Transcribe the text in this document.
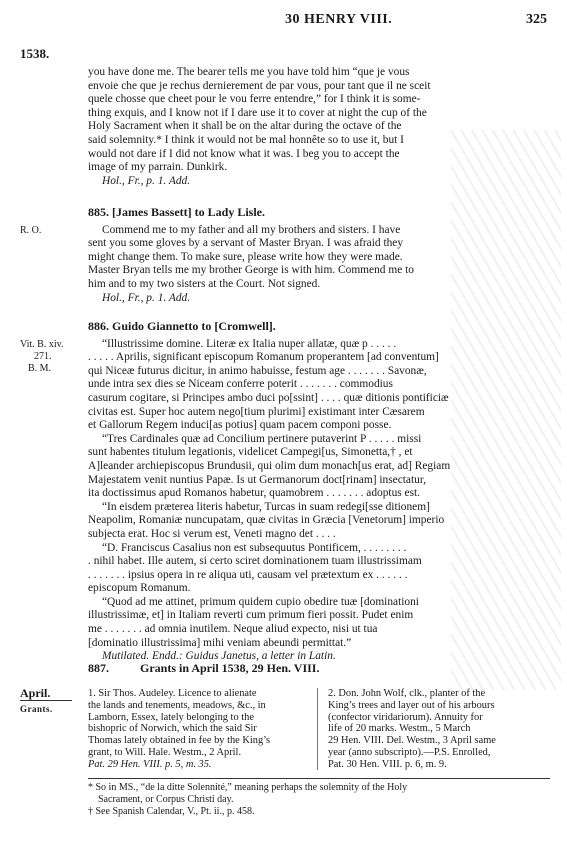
30 HENRY VIII.	325
1538.
you have done me. The bearer tells me you have told him “que je vous
envoie che que je rechus dernierement de par vous, pour tant que il ne sceit
quele chosse que cheet pour le vou ferre entendre,” for I think it is some-
thing exquis, and I know not if I dare use it to cover at night the cup of the
Holy Sacrament when it shall be on the altar during the octave of the
said solemnity.* I think it would not be mal honnête so to use it, but I
would not dare if I did not know what it was. I beg you to accept the
image of my parrain. Dunkirk.
Hol., Fr., p. 1. Add.
885. [James Bassett] to Lady Lisle.
Commend me to my father and all my brothers and sisters. I have
sent you some gloves by a servant of Master Bryan. I was afraid they
might change them. To make sure, please write how they were made.
Master Bryan tells me my brother George is with him. Commend me to
him and to my two sisters at the Court. Not signed.
Hol., Fr., p. 1. Add.
R. O.
886. Guido Giannetto to [Cromwell].
“Illustrissime domine. Literæ ex Italia nuper allatæ, quæ p . . . . .
. . . . . Aprilis, significant episcopum Romanum properantem [ad conventum]
qui Niceæ futurus dicitur, in animo habuisse, festum age . . . . . . . Savonæ,
unde intra sex dies se Niceam conferre poterit . . . . . . . commodius
casurum cogitare, si Principes ambo duci po[ssint] . . . . quæ ditionis pontificiæ
civitas est. Super hoc autem nego[tium plurimi] existimant inter Cæsarem
et Gallorum Regem induci[as potius] quam pacem componi posse.
“Tres Cardinales quæ ad Concilium pertinere putaverint P . . . . . missi
sunt habentes titulum legationis, videlicet Campegi[us, Simonetta,† , et
A]leander archiepiscopus Brundusii, qui olim dum monach[us erat, ad] Regiam
Majestatem venit nuntius Papæ. Is ut Germanorum doct[rinam] insectatur,
ita doctissimus apud Romanos habetur, quamobrem . . . . . . . adoptus est.
“In eisdem præterea literis habetur, Turcas in suam redegi[sse ditionem]
Neapolim, Romaniæ nuncupatam, quæ civitas in Græcia [Venetorum] imperio
subjecta erat. Hoc si verum est, Veneti magno det . . . .
“D. Franciscus Casalius non est subsequutus Pontificem, . . . . . . . .
. nihil habet. Ille autem, si certo sciret dominationem tuam illustrissimam
. . . . . . . ipsius opera in re aliqua uti, causam vel prætextum ex . . . . . .
episcopum Romanum.
“Quod ad me attinet, primum quidem cupio obedire tuæ [dominationi
illustrissimæ, et] in Italiam reverti cum primum fieri possit. Pudet enim
me . . . . . . . ad omnia inutilem. Neque aliud expecto, nisi ut tua
[dominatio illustrissima] mihi veniam abeundi permittat.”
Mutilated. Endd.: Guidus Janetus, a letter in Latin.
Vit. B. xiv.
271.
B. M.
887.	Grants in April 1538, 29 Hen. VIII.
April.
Grants.
1. Sir Thos. Audeley. Licence to alienate
the lands and tenements, meadows, &c., in
Lamborn, Essex, lately belonging to the
bishopric of Norwich, which the said Sir
Thomas lately obtained in fee by the King’s
grant, to Will. Hale. Westm., 2 April.
Pat. 29 Hen. VIII. p. 5, m. 35.
2. Don. John Wolf, clk., planter of the
King’s trees and layer out of his arbours
(confector viridariorum). Annuity for
life of 20 marks. Westm., 5 March
29 Hen. VIII. Del. Westm., 3 April same
year (anno subscripto).—P.S. Enrolled,
Pat. 30 Hen. VIII. p. 6, m. 9.
* So in MS., “de la ditte Solennité,” meaning perhaps the solemnity of the Holy
Sacrament, or Corpus Christi day.
† See Spanish Calendar, V., Pt. ii., p. 458.
